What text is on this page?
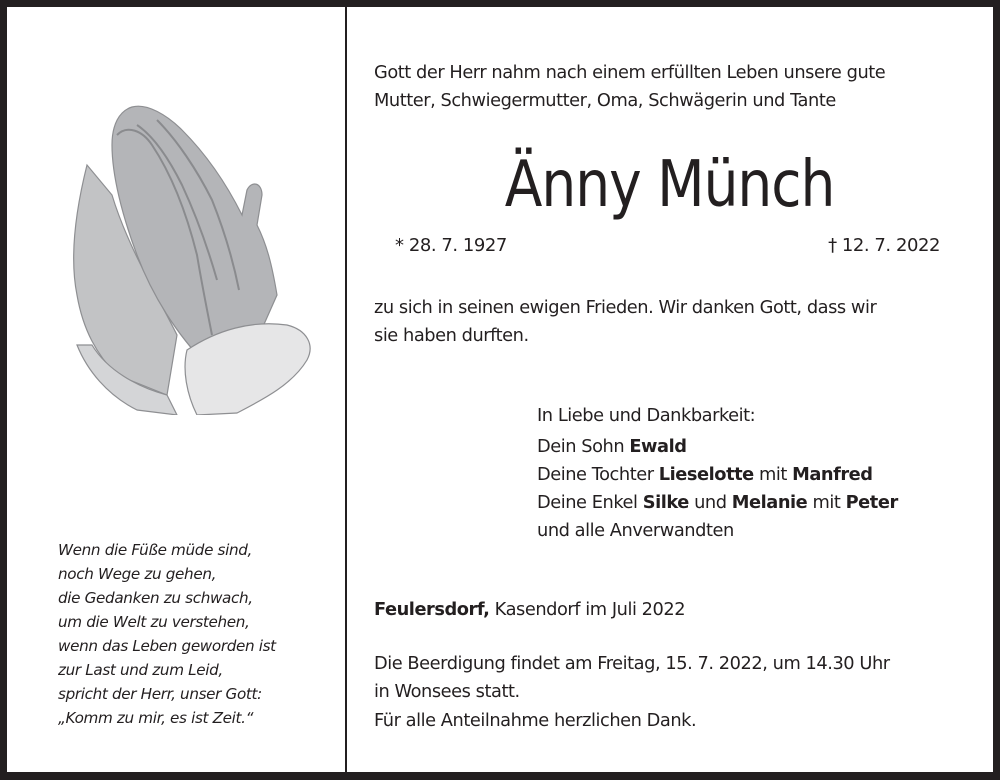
Wenn die Füße müde sind,
noch Wege zu gehen,
die Gedanken zu schwach,
um die Welt zu verstehen,
wenn das Leben geworden ist
zur Last und zum Leid,
spricht der Herr, unser Gott:
„Komm zu mir, es ist Zeit.“
Gott der Herr nahm nach einem erfüllten Leben unsere gute
Mutter, Schwiegermutter, Oma, Schwägerin und Tante
Änny Münch
* 28. 7. 1927	† 12. 7. 2022
zu sich in seinen ewigen Frieden. Wir danken Gott, dass wir
sie haben durften.
In Liebe und Dankbarkeit:
Dein Sohn Ewald
Deine Tochter Lieselotte mit Manfred
Deine Enkel Silke und Melanie mit Peter
und alle Anverwandten
Feulersdorf, Kasendorf im Juli 2022
Die Beerdigung findet am Freitag, 15. 7. 2022, um 14.30 Uhr
in Wonsees statt.
Für alle Anteilnahme herzlichen Dank.
